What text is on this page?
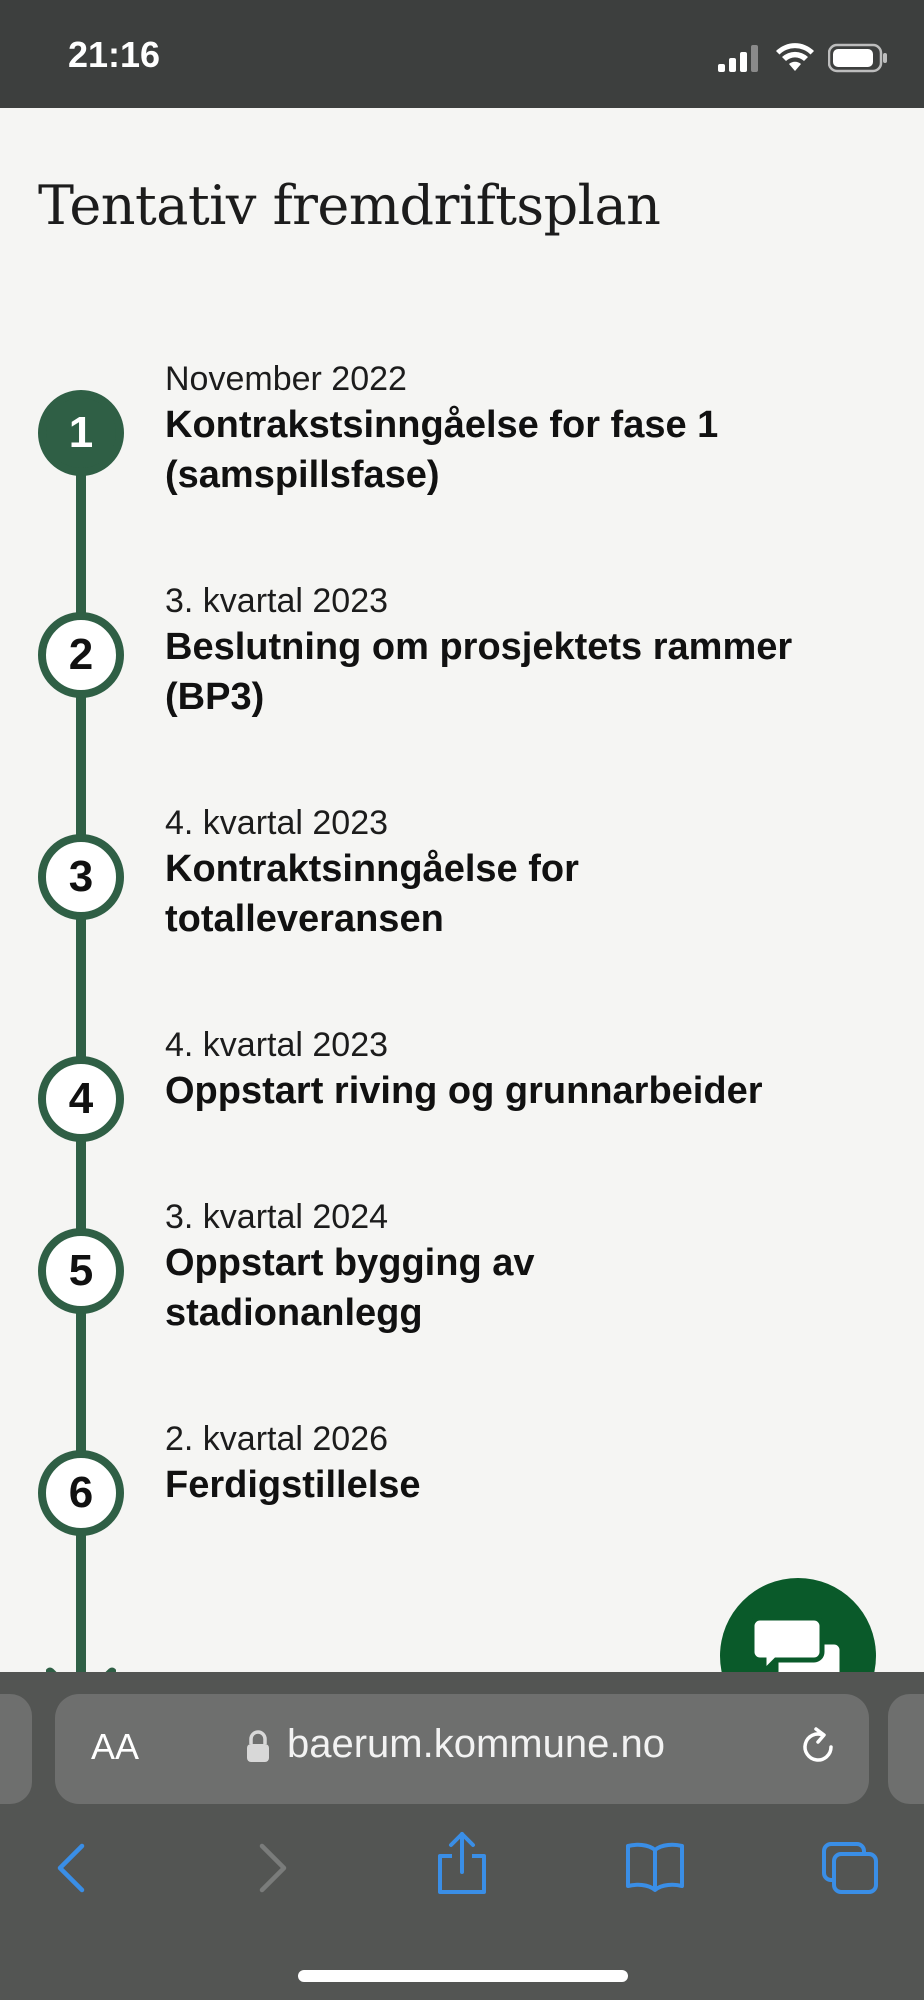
21:16
Tentativ fremdriftsplan
1
November 2022
Kontrakstsinngåelse for fase 1 (samspillsfase)
2
3. kvartal 2023
Beslutning om prosjektets rammer (BP3)
3
4. kvartal 2023
Kontraktsinngåelse for totalleveransen
4
4. kvartal 2023
Oppstart riving og grunnarbeider
5
3. kvartal 2024
Oppstart bygging av stadionanlegg
6
2. kvartal 2026
Ferdigstillelse
AA	baerum.kommune.no
